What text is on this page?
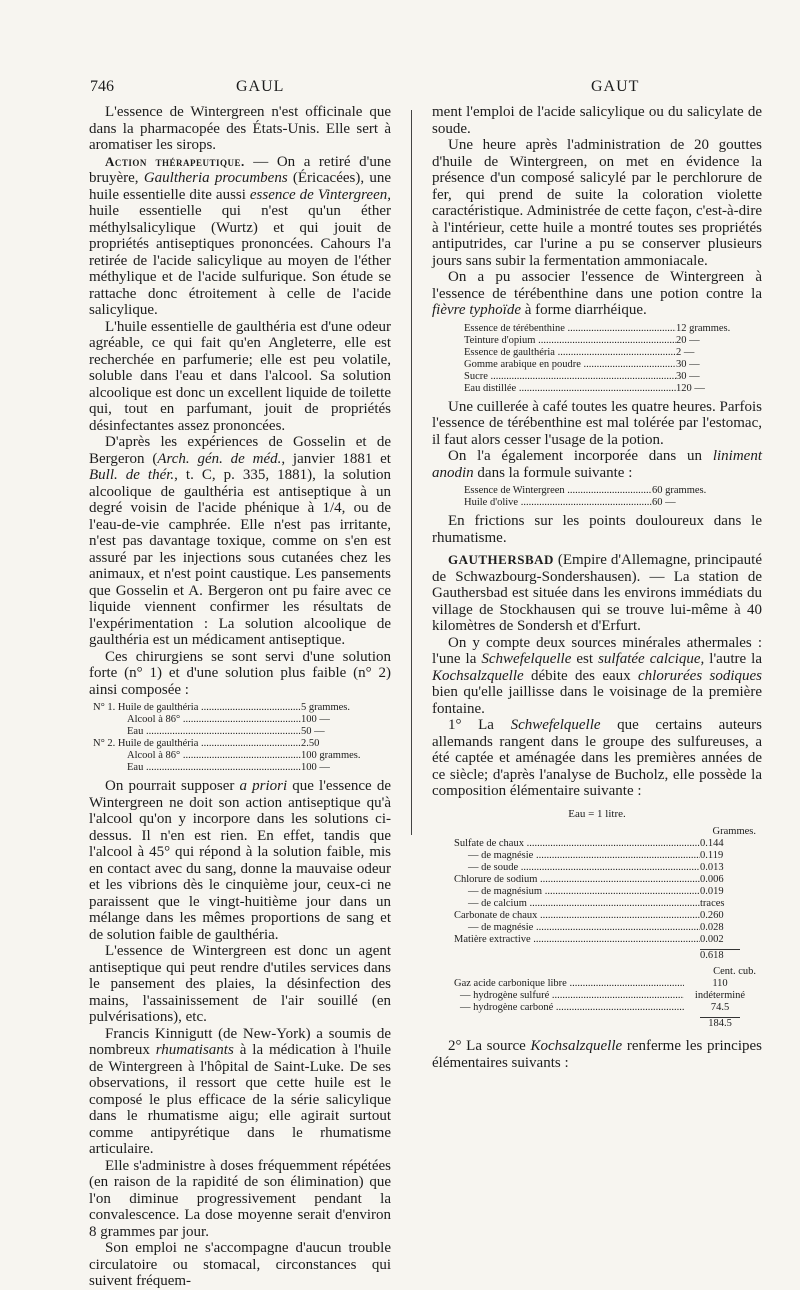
746	GAUL	GAUT

L'essence de Wintergreen n'est officinale que dans la pharmacopée des États-Unis. Elle sert à aromatiser les sirops.

Action thérapeutique. — On a retiré d'une bruyère, Gaultheria procumbens (Éricacées), une huile essentielle dite aussi essence de Vintergreen, huile essentielle qui n'est qu'un éther méthylsalicylique (Wurtz) et qui jouit de propriétés antiseptiques prononcées. Cahours l'a retirée de l'acide salicylique au moyen de l'éther méthylique et de l'acide sulfurique. Son étude se rattache donc étroitement à celle de l'acide salicylique.

L'huile essentielle de gaulthéria est d'une odeur agréable, ce qui fait qu'en Angleterre, elle est recherchée en parfumerie; elle est peu volatile, soluble dans l'eau et dans l'alcool. Sa solution alcoolique est donc un excellent liquide de toilette qui, tout en parfumant, jouit de propriétés désinfectantes assez prononcées.

D'après les expériences de Gosselin et de Bergeron (Arch. gén. de méd., janvier 1881 et Bull. de thér., t. C, p. 335, 1881), la solution alcoolique de gaulthéria est antiseptique à un degré voisin de l'acide phénique à 1/4, ou de l'eau-de-vie camphrée. Elle n'est pas irritante, n'est pas davantage toxique, comme on s'en est assuré par les injections sous cutanées chez les animaux, et n'est point caustique. Les pansements que Gosselin et A. Bergeron ont pu faire avec ce liquide viennent confirmer les résultats de l'expérimentation : La solution alcoolique de gaulthéria est un médicament antiseptique.

Ces chirurgiens se sont servi d'une solution forte (n° 1) et d'une solution plus faible (n° 2) ainsi composée :

N° 1. Huile de gaulthéria .....	5 grammes.
Alcool à 86° .....	100 —
Eau .....	50 —
N° 2. Huile de gaulthéria .....	2.50
Alcool à 86° .....	100 grammes.
Eau .....	100 —

On pourrait supposer a priori que l'essence de Wintergreen ne doit son action antiseptique qu'à l'alcool qu'on y incorpore dans les solutions ci-dessus. Il n'en est rien. En effet, tandis que l'alcool à 45° qui répond à la solution faible, mis en contact avec du sang, donne la mauvaise odeur et les vibrions dès le cinquième jour, ceux-ci ne paraissent que le vingt-huitième jour dans un mélange dans les mêmes proportions de sang et de solution faible de gaulthéria.

L'essence de Wintergreen est donc un agent antiseptique qui peut rendre d'utiles services dans le pansement des plaies, la désinfection des mains, l'assainissement de l'air souillé (en pulvérisations), etc.

Francis Kinnigutt (de New-York) a soumis de nombreux rhumatisants à la médication à l'huile de Wintergreen à l'hôpital de Saint-Luke. De ses observations, il ressort que cette huile est le composé le plus efficace de la série salicylique dans le rhumatisme aigu; elle agirait surtout comme antipyrétique dans le rhumatisme articulaire.

Elle s'administre à doses fréquemment répétées (en raison de la rapidité de son élimination) que l'on diminue progressivement pendant la convalescence. La dose moyenne serait d'environ 8 grammes par jour.

Son emploi ne s'accompagne d'aucun trouble circulatoire ou stomacal, circonstances qui suivent fréquem-

ment l'emploi de l'acide salicylique ou du salicylate de soude.

Une heure après l'administration de 20 gouttes d'huile de Wintergreen, on met en évidence la présence d'un composé salicylé par le perchlorure de fer, qui prend de suite la coloration violette caractéristique. Administrée de cette façon, c'est-à-dire à l'intérieur, cette huile a montré toutes ses propriétés antiputrides, car l'urine a pu se conserver plusieurs jours sans subir la fermentation ammoniacale.

On a pu associer l'essence de Wintergreen à l'essence de térébenthine dans une potion contre la fièvre typhoïde à forme diarrhéique.

Essence de térébenthine .....	12 grammes.
Teinture d'opium .....	20 —
Essence de gaulthéria .....	2 —
Gomme arabique en poudre .....	30 —
Sucre .....	30 —
Eau distillée .....	120 —

Une cuillerée à café toutes les quatre heures. Parfois l'essence de térébenthine est mal tolérée par l'estomac, il faut alors cesser l'usage de la potion.

On l'a également incorporée dans un liniment anodin dans la formule suivante :

Essence de Wintergreen .....	60 grammes.
Huile d'olive .....	60 —

En frictions sur les points douloureux dans le rhumatisme.

GAUTHERSBAD (Empire d'Allemagne, principauté de Schwazbourg-Sondershausen). — La station de Gauthersbad est située dans les environs immédiats du village de Stockhausen qui se trouve lui-même à 40 kilomètres de Sondersh et d'Erfurt.

On y compte deux sources minérales athermales : l'une la Schwefelquelle est sulfatée calcique, l'autre la Kochsalzquelle débite des eaux chlorurées sodiques bien qu'elle jaillisse dans le voisinage de la première fontaine.

1° La Schwefelquelle que certains auteurs allemands rangent dans le groupe des sulfureuses, a été captée et aménagée dans les premières années de ce siècle; d'après l'analyse de Bucholz, elle possède la composition élémentaire suivante :

Eau = 1 litre.
Grammes.
Sulfate de chaux .....	0.144
— de magnésie .....	0.119
— de soude .....	0.013
Chlorure de sodium .....	0.006
— de magnésium .....	0.019
— de calcium .....	traces
Carbonate de chaux .....	0.260
— de magnésie .....	0.028
Matière extractive .....	0.002
0.618
Cent. cub.
Gaz acide carbonique libre .....	110
— hydrogène sulfuré .....	indéterminé
— hydrogène carboné .....	74.5
184.5

2° La source Kochsalzquelle renferme les principes élémentaires suivants :
